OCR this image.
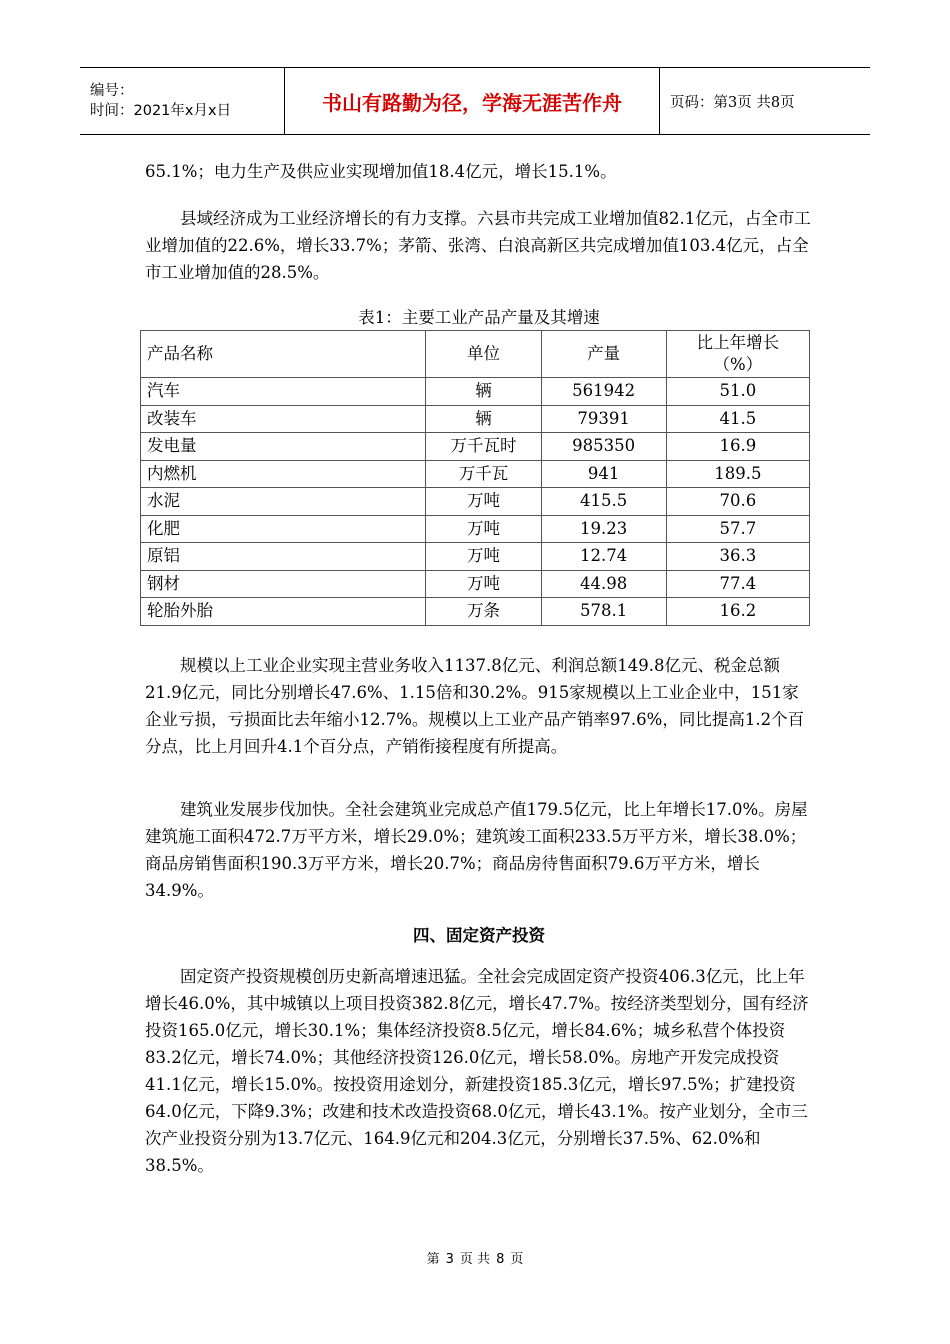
编号：
时间：2021年x月x日	书山有路勤为径，学海无涯苦作舟	页码：第3页 共8页

65.1%；电力生产及供应业实现增加值18.4亿元，增长15.1%。

县域经济成为工业经济增长的有力支撑。六县市共完成工业增加值82.1亿元，占全市工业增加值的22.6%，增长33.7%；茅箭、张湾、白浪高新区共完成增加值103.4亿元，占全市工业增加值的28.5%。

表1：主要工业产品产量及其增速
产品名称	单位	产量	比上年增长
（%）

汽车	辆	561942	51.0
改装车	辆	79391	41.5
发电量	万千瓦时	985350	16.9
内燃机	万千瓦	941	189.5
水泥	万吨	415.5	70.6
化肥	万吨	19.23	57.7
原铝	万吨	12.74	36.3
钢材	万吨	44.98	77.4
轮胎外胎	万条	578.1	16.2

规模以上工业企业实现主营业务收入1137.8亿元、利润总额149.8亿元、税金总额21.9亿元，同比分别增长47.6%、1.15倍和30.2%。915家规模以上工业企业中，151家企业亏损，亏损面比去年缩小12.7%。规模以上工业产品产销率97.6%，同比提高1.2个百分点，比上月回升4.1个百分点，产销衔接程度有所提高。

建筑业发展步伐加快。全社会建筑业完成总产值179.5亿元，比上年增长17.0%。房屋建筑施工面积472.7万平方米，增长29.0%；建筑竣工面积233.5万平方米，增长38.0%；商品房销售面积190.3万平方米，增长20.7%；商品房待售面积79.6万平方米，增长34.9%。

四、固定资产投资

固定资产投资规模创历史新高增速迅猛。全社会完成固定资产投资406.3亿元，比上年增长46.0%，其中城镇以上项目投资382.8亿元，增长47.7%。按经济类型划分，国有经济投资165.0亿元，增长30.1%；集体经济投资8.5亿元，增长84.6%；城乡私营个体投资83.2亿元，增长74.0%；其他经济投资126.0亿元，增长58.0%。房地产开发完成投资41.1亿元，增长15.0%。按投资用途划分，新建投资185.3亿元，增长97.5%；扩建投资64.0亿元，下降9.3%；改建和技术改造投资68.0亿元，增长43.1%。按产业划分，全市三次产业投资分别为13.7亿元、164.9亿元和204.3亿元，分别增长37.5%、62.0%和38.5%。

第 3 页 共 8 页
